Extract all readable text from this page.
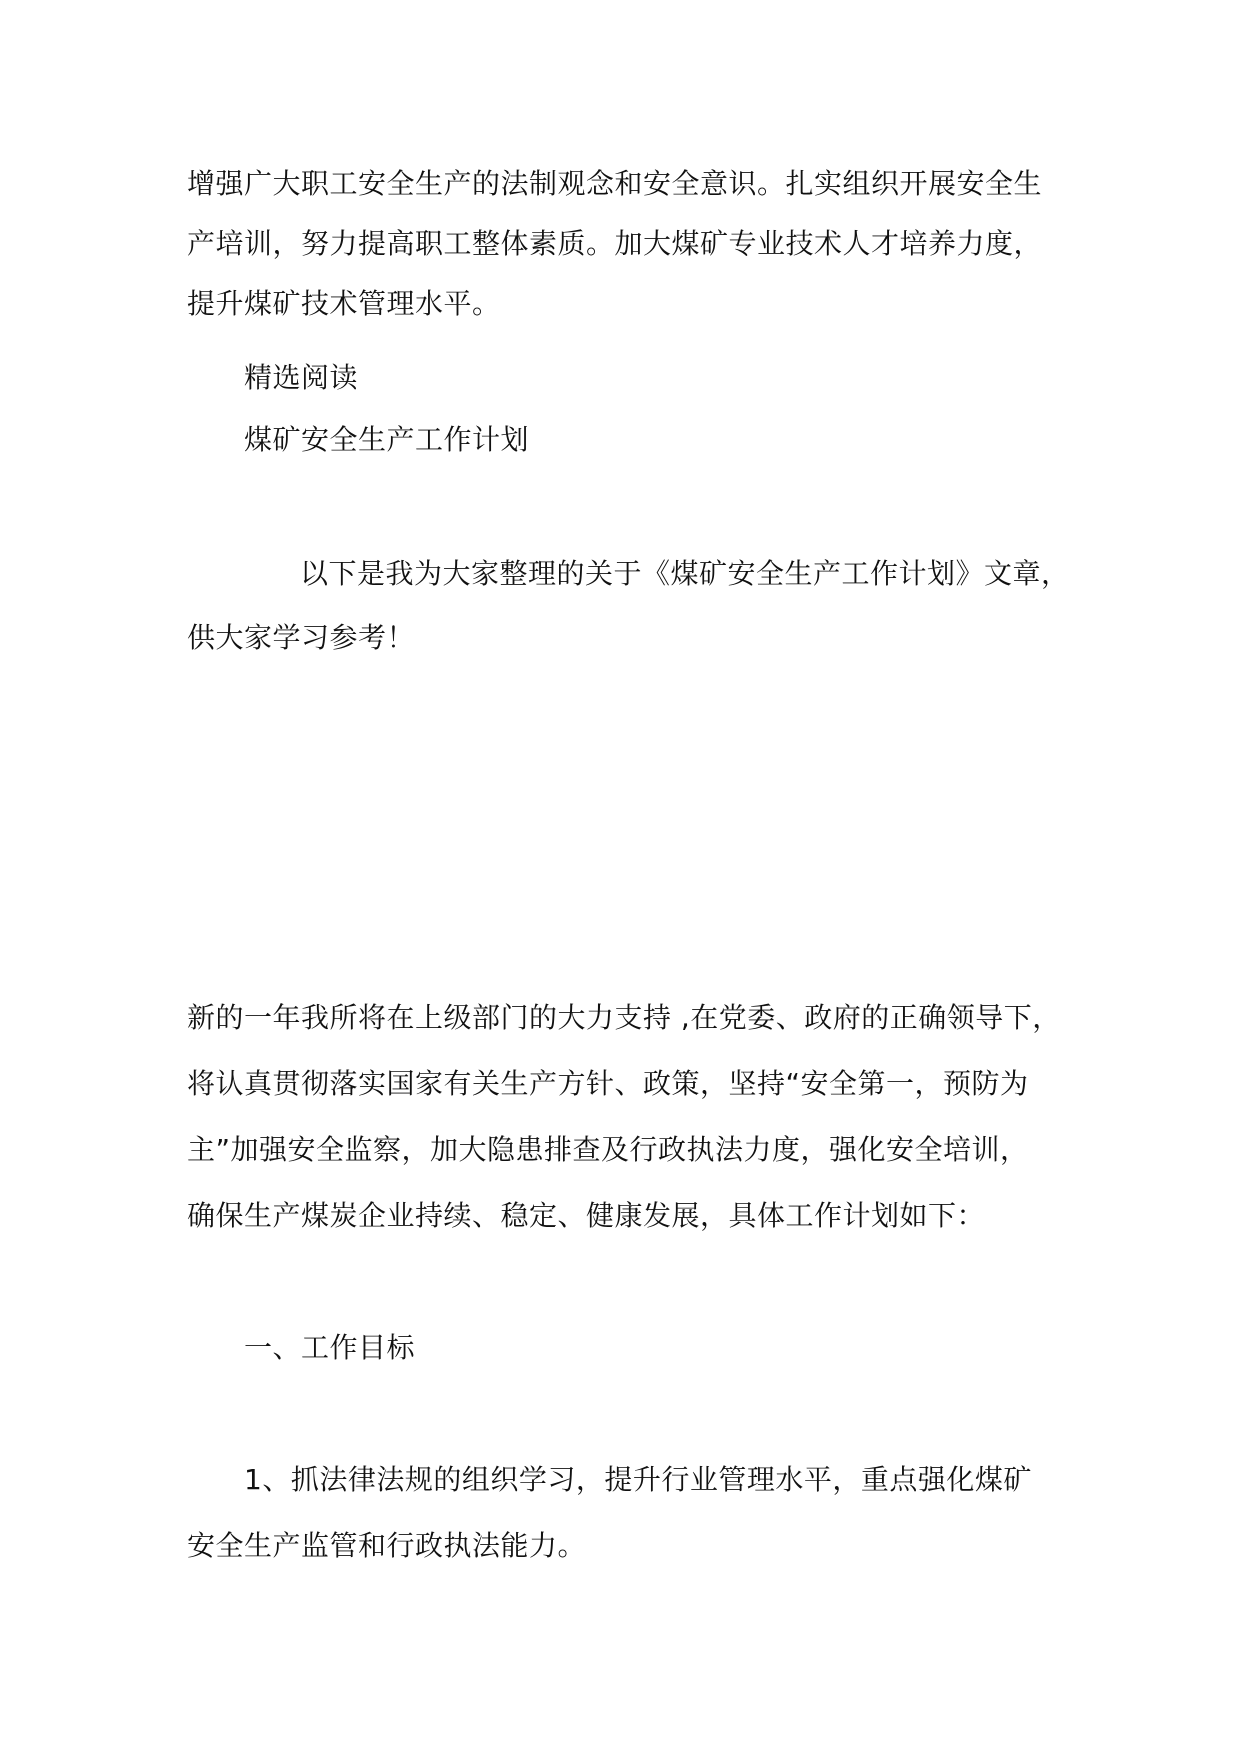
增强广大职工安全生产的法制观念和安全意识。扎实组织开展安全生
产培训，努力提高职工整体素质。加大煤矿专业技术人才培养力度，
提升煤矿技术管理水平。
精选阅读
煤矿安全生产工作计划
以下是我为大家整理的关于《煤矿安全生产工作计划》文章，
供大家学习参考！
新的一年我所将在上级部门的大力支持 ,在党委、政府的正确领导下，
将认真贯彻落实国家有关生产方针、政策，坚持“安全第一，预防为
主”加强安全监察，加大隐患排查及行政执法力度，强化安全培训，
确保生产煤炭企业持续、稳定、健康发展，具体工作计划如下：
一、工作目标
1、抓法律法规的组织学习，提升行业管理水平，重点强化煤矿
安全生产监管和行政执法能力。
